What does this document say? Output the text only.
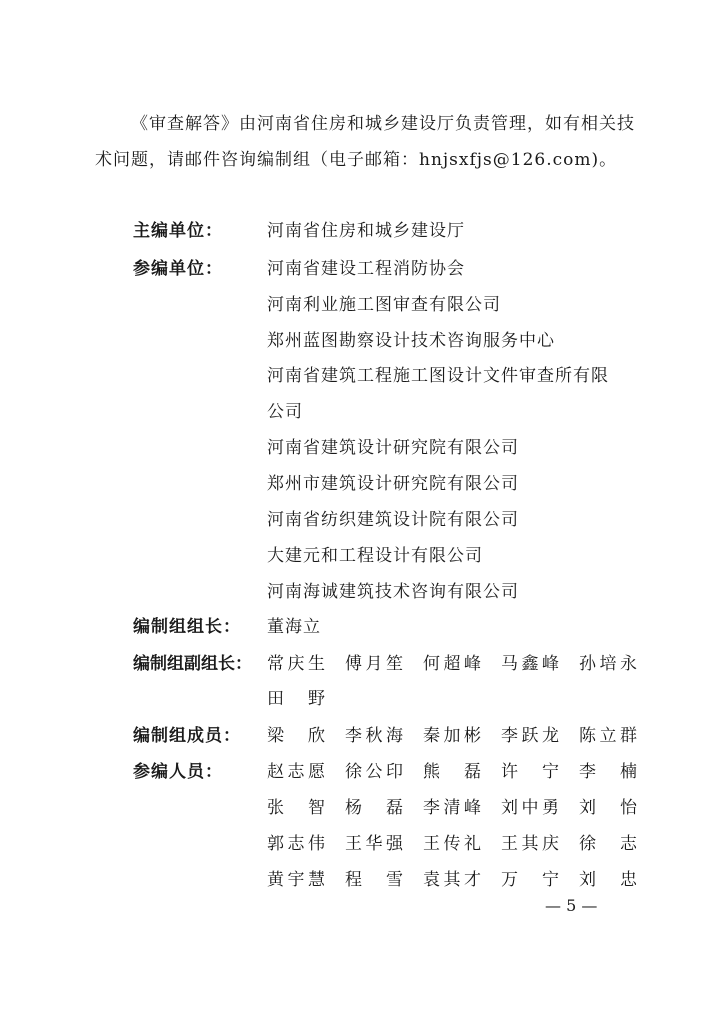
《审查解答》由河南省住房和城乡建设厅负责管理，如有相关技术问题，请邮件咨询编制组（电子邮箱：hnjsxfjs@126.com)。
主编单位：	河南省住房和城乡建设厅
参编单位：	河南省建设工程消防协会
河南利业施工图审查有限公司
郑州蓝图勘察设计技术咨询服务中心
河南省建筑工程施工图设计文件审查所有限
公司
河南省建筑设计研究院有限公司
郑州市建筑设计研究院有限公司
河南省纺织建筑设计院有限公司
大建元和工程设计有限公司
河南海诚建筑技术咨询有限公司
编制组组长：	董海立
编制组副组长： 常庆生 傅月笙 何超峰 马鑫峰 孙培永
田野
编制组成员：	梁欣 李秋海 秦加彬 李跃龙 陈立群
参编人员：	赵志愿 徐公印 熊磊 许宁 李楠
张智 杨磊 李清峰 刘中勇 刘怡
郭志伟 王华强 王传礼 王其庆 徐志
黄宇慧 程雪 袁其才 万宁 刘忠
— 5 —
